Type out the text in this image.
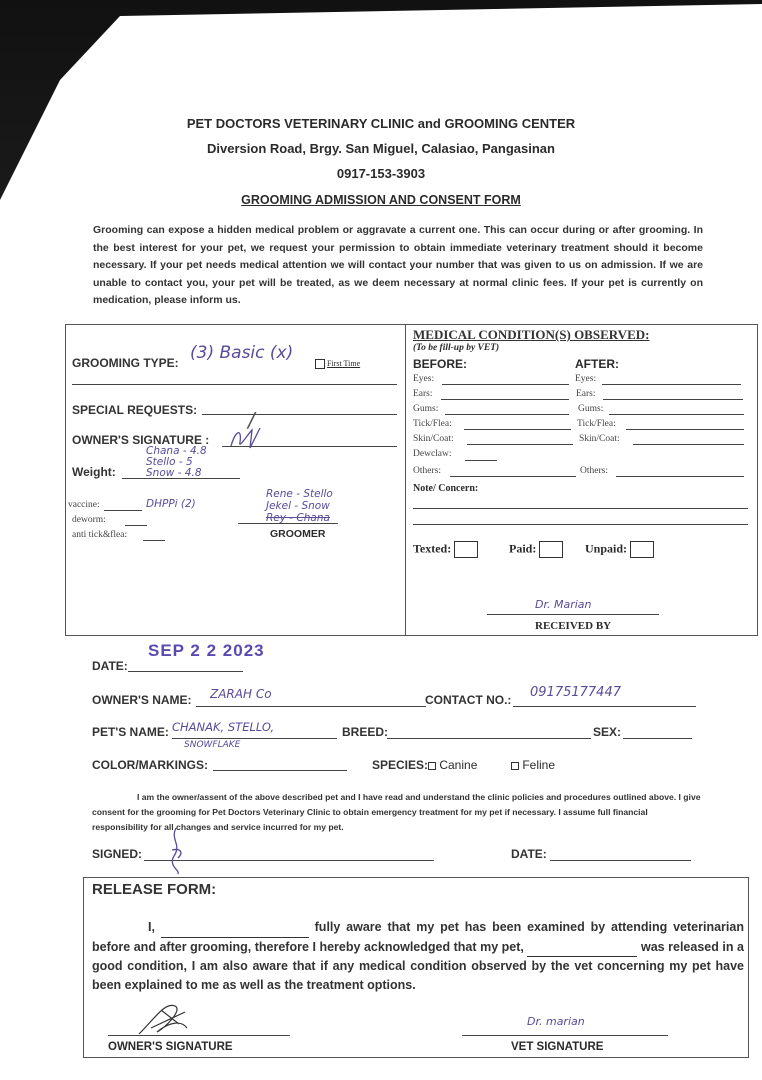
PET DOCTORS VETERINARY CLINIC and GROOMING CENTER
Diversion Road, Brgy. San Miguel, Calasiao, Pangasinan
0917-153-3903
GROOMING ADMISSION AND CONSENT FORM
Grooming can expose a hidden medical problem or aggravate a current one. This can occur during or after grooming. In the best interest for your pet, we request your permission to obtain immediate veterinary treatment should it become necessary. If your pet needs medical attention we will contact your number that was given to us on admission. If we are unable to contact you, your pet will be treated, as we deem necessary at normal clinic fees. If your pet is currently on medication, please inform us.
GROOMING TYPE: (3) Basic (x)
First Time
SPECIAL REQUESTS:	/
OWNER'S SIGNATURE :
Weight:
Chana - 4.8
Stello - 5
Snow - 4.8
vaccine:	DHPPi (2)
deworm:
anti tick&flea:
Rene - Stello
Jekel - Snow
Rey - Chana
GROOMER
MEDICAL CONDITION(S) OBSERVED:
(To be fill-up by VET)
BEFORE:	AFTER:
Eyes:	Eyes:
Ears:	Ears:
Gums:	Gums:
Tick/Flea:	Tick/Flea:
Skin/Coat:	Skin/Coat:
Dewclaw:
Others:	Others:
Note/ Concern:
Texted:	Paid:	Unpaid:
Dr. Marian
RECEIVED BY
SEP 2 2 2023
DATE:
OWNER'S NAME: ZARAH Co	CONTACT NO.: 09175177447
PET'S NAME: CHANAK, STELLO,
SNOWFLAKE
BREED:	SEX:
COLOR/MARKINGS:	SPECIES: Canine	Feline
I am the owner/assent of the above described pet and I have read and understand the clinic policies and procedures outlined above. I give consent for the grooming for Pet Doctors Veterinary Clinic to obtain emergency treatment for my pet if necessary. I assume full financial responsibility for all changes and service incurred for my pet.
SIGNED:	DATE:
RELEASE FORM:
I,	fully aware that my pet has been examined by attending veterinarian before and after grooming, therefore I hereby acknowledged that my pet,	was released in a good condition, I am also aware that if any medical condition observed by the vet concerning my pet have been explained to me as well as the treatment options.
OWNER'S SIGNATURE
Dr. marian
VET SIGNATURE
